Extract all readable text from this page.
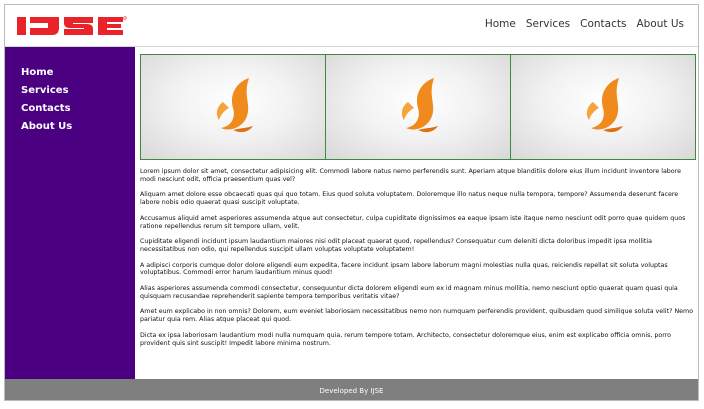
Home Services Contacts About Us
Home
Services
Contacts
About Us

Lorem ipsum dolor sit amet, consectetur adipisicing elit. Commodi labore natus nemo perferendis sunt. Aperiam atque blanditiis dolore eius illum incidunt inventore labore modi nesciunt odit, officia praesentium quas vel?

Aliquam amet dolore esse obcaecati quas qui quo totam. Eius quod soluta voluptatem. Doloremque illo natus neque nulla tempora, tempore? Assumenda deserunt facere labore nobis odio quaerat quasi suscipit voluptate.

Accusamus aliquid amet asperiores assumenda atque aut consectetur, culpa cupiditate dignissimos ea eaque ipsam iste itaque nemo nesciunt odit porro quae quidem quos ratione repellendus rerum sit tempore ullam, velit.

Cupiditate eligendi incidunt ipsum laudantium maiores nisi odit placeat quaerat quod, repellendus? Consequatur cum deleniti dicta doloribus impedit ipsa mollitia necessitatibus non odio, qui repellendus suscipit ullam voluptas voluptate voluptatem!

A adipisci corporis cumque dolor dolore eligendi eum expedita, facere incidunt ipsam labore laborum magni molestias nulla quas, reiciendis repellat sit soluta voluptas voluptatibus. Commodi error harum laudantium minus quod!

Alias asperiores assumenda commodi consectetur, consequuntur dicta dolorem eligendi eum ex id magnam minus mollitia, nemo nesciunt optio quaerat quam quasi quia quisquam recusandae reprehenderit sapiente tempora temporibus veritatis vitae?

Amet eum explicabo in non omnis? Dolorem, eum eveniet laboriosam necessitatibus nemo non numquam perferendis provident, quibusdam quod similique soluta velit? Nemo pariatur quia rem. Alias atque placeat qui quod.

Dicta ex ipsa laboriosam laudantium modi nulla numquam quia, rerum tempore totam. Architecto, consectetur doloremque eius, enim est explicabo officia omnis, porro provident quis sint suscipit! Impedit labore minima nostrum.

Developed By IJSE
